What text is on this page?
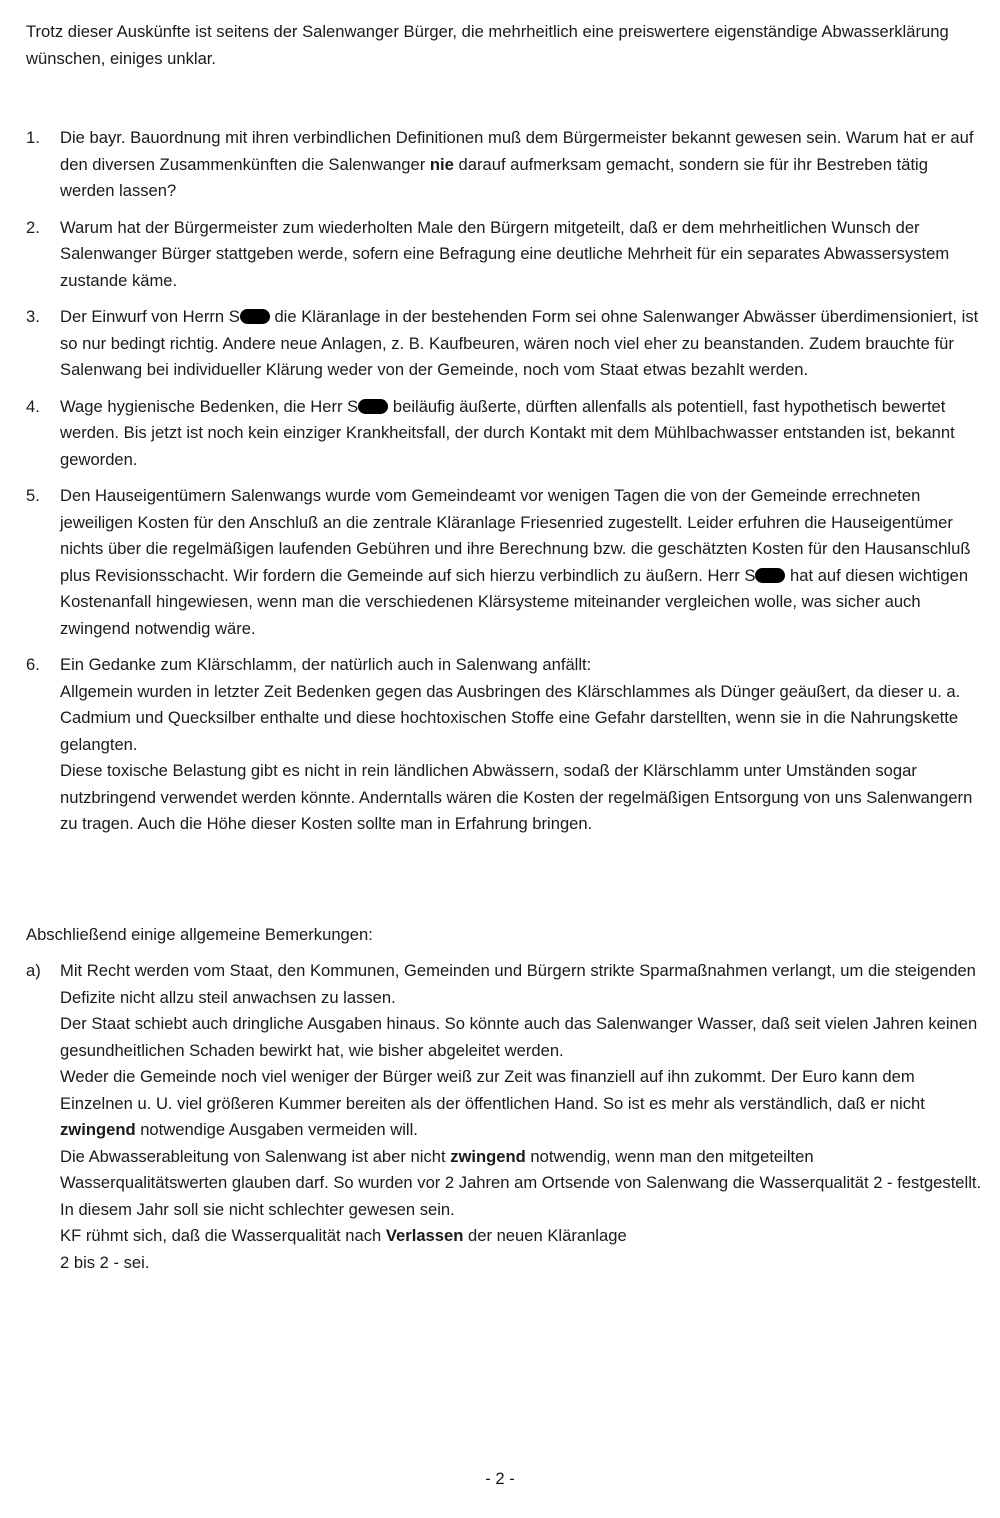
Trotz dieser Auskünfte ist seitens der Salenwanger Bürger, die mehrheitlich eine preiswertere eigenständige Abwasserklärung wünschen, einiges unklar.

1. Die bayr. Bauordnung mit ihren verbindlichen Definitionen muß dem Bürgermeister bekannt gewesen sein. Warum hat er auf den diversen Zusammenkünften die Salenwanger nie darauf aufmerksam gemacht, sondern sie für ihr Bestreben tätig werden lassen?
2. Warum hat der Bürgermeister zum wiederholten Male den Bürgern mitgeteilt, daß er dem mehrheitlichen Wunsch der Salenwanger Bürger stattgeben werde, sofern eine Befragung eine deutliche Mehrheit für ein separates Abwassersystem zustande käme.
3. Der Einwurf von Herrn S die Kläranlage in der bestehenden Form sei ohne Salenwanger Abwässer überdimensioniert, ist so nur bedingt richtig. Andere neue Anlagen, z. B. Kaufbeuren, wären noch viel eher zu beanstanden. Zudem brauchte für Salenwang bei individueller Klärung weder von der Gemeinde, noch vom Staat etwas bezahlt werden.
4. Wage hygienische Bedenken, die Herr S beiläufig äußerte, dürften allenfalls als potentiell, fast hypothetisch bewertet werden. Bis jetzt ist noch kein einziger Krankheitsfall, der durch Kontakt mit dem Mühlbachwasser entstanden ist, bekannt geworden.
5. Den Hauseigentümern Salenwangs wurde vom Gemeindeamt vor wenigen Tagen die von der Gemeinde errechneten jeweiligen Kosten für den Anschluß an die zentrale Kläranlage Friesenried zugestellt. Leider erfuhren die Hauseigentümer nichts über die regelmäßigen laufenden Gebühren und ihre Berechnung bzw. die geschätzten Kosten für den Hausanschluß plus Revisionsschacht. Wir fordern die Gemeinde auf sich hierzu verbindlich zu äußern. Herr S hat auf diesen wichtigen Kostenanfall hingewiesen, wenn man die verschiedenen Klärsysteme miteinander vergleichen wolle, was sicher auch zwingend notwendig wäre.
6. Ein Gedanke zum Klärschlamm, der natürlich auch in Salenwang anfällt:

Allgemein wurden in letzter Zeit Bedenken gegen das Ausbringen des Klärschlammes als Dünger geäußert, da dieser u. a. Cadmium und Quecksilber enthalte und diese hochtoxischen Stoffe eine Gefahr darstellten, wenn sie in die Nahrungskette gelangten.

Diese toxische Belastung gibt es nicht in rein ländlichen Abwässern, sodaß der Klärschlamm unter Umständen sogar nutzbringend verwendet werden könnte. Anderntalls wären die Kosten der regelmäßigen Entsorgung von uns Salenwangern zu tragen. Auch die Höhe dieser Kosten sollte man in Erfahrung bringen.

Abschließend einige allgemeine Bemerkungen:

a) Mit Recht werden vom Staat, den Kommunen, Gemeinden und Bürgern strikte Sparmaßnahmen verlangt, um die steigenden Defizite nicht allzu steil anwachsen zu lassen.

Der Staat schiebt auch dringliche Ausgaben hinaus. So könnte auch das Salenwanger Wasser, daß seit vielen Jahren keinen gesundheitlichen Schaden bewirkt hat, wie bisher abgeleitet werden.

Weder die Gemeinde noch viel weniger der Bürger weiß zur Zeit was finanziell auf ihn zukommt. Der Euro kann dem Einzelnen u. U. viel größeren Kummer bereiten als der öffentlichen Hand. So ist es mehr als verständlich, daß er nicht zwingend notwendige Ausgaben vermeiden will.

Die Abwasserableitung von Salenwang ist aber nicht zwingend notwendig, wenn man den mitgeteilten Wasserqualitätswerten glauben darf. So wurden vor 2 Jahren am Ortsende von Salenwang die Wasserqualität 2 - festgestellt. In diesem Jahr soll sie nicht schlechter gewesen sein.

KF rühmt sich, daß die Wasserqualität nach Verlassen der neuen Kläranlage

2 bis 2 - sei.

- 2 -
